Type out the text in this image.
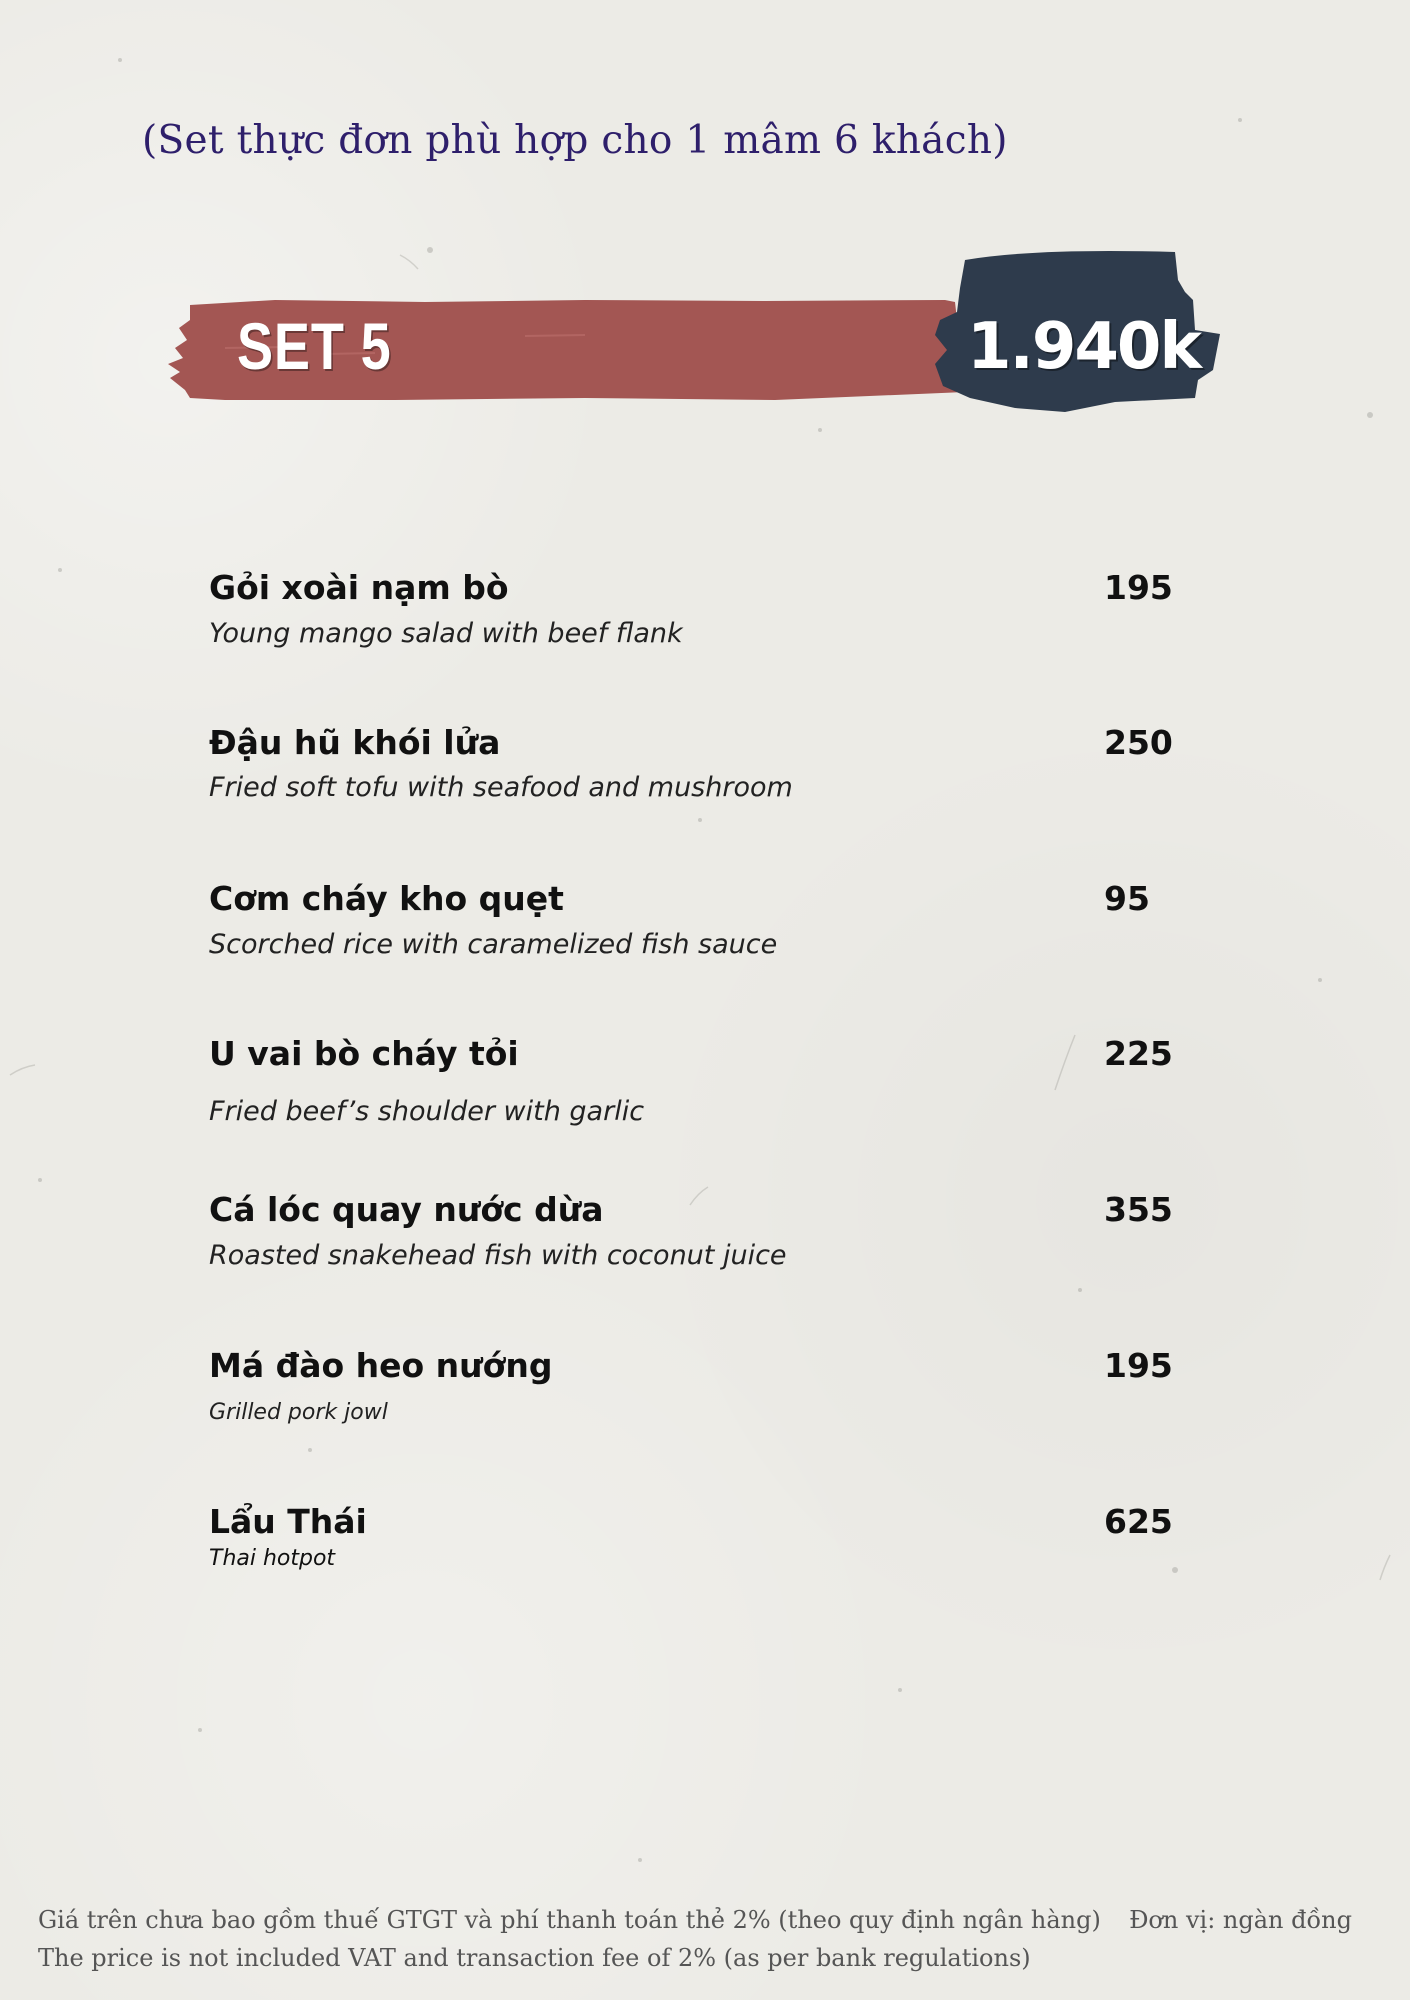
(Set thực đơn phù hợp cho 1 mâm 6 khách)
SET 5	1.940k
Gỏi xoài nạm bò
Young mango salad with beef flank
195
Đậu hũ khói lửa
Fried soft tofu with seafood and mushroom
250
Cơm cháy kho quẹt
Scorched rice with caramelized fish sauce
95
U vai bò cháy tỏi
Fried beef’s shoulder with garlic
225
Cá lóc quay nước dừa
Roasted snakehead fish with coconut juice
355
Má đào heo nướng
Grilled pork jowl
195
Lẩu Thái
Thai hotpot
625
Giá trên chưa bao gồm thuế GTGT và phí thanh toán thẻ 2% (theo quy định ngân hàng)
The price is not included VAT and transaction fee of 2% (as per bank regulations)
Đơn vị: ngàn đồng
